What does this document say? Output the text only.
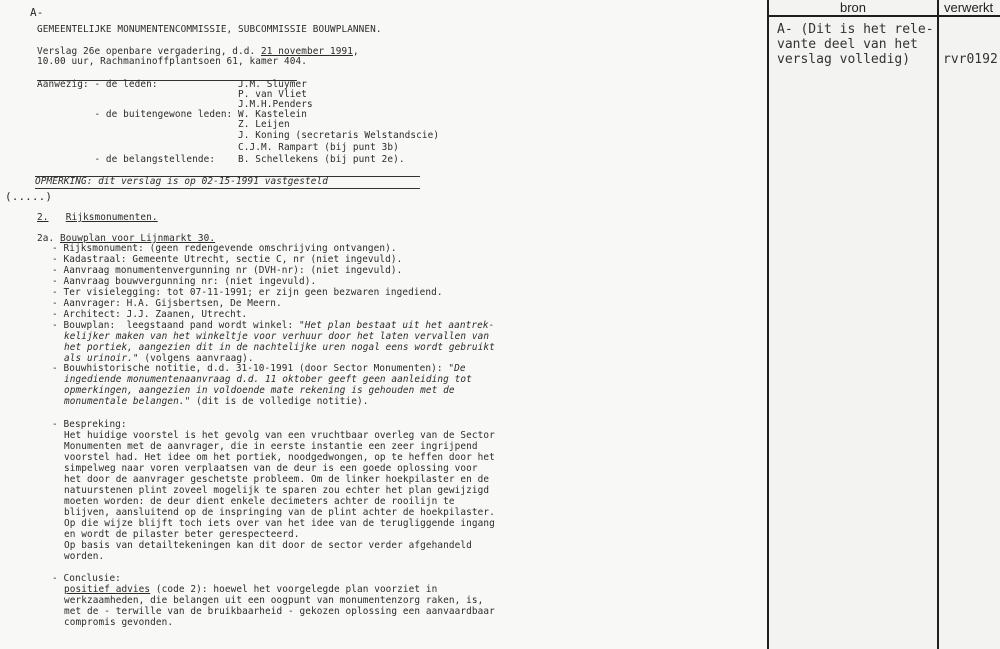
A-
GEMEENTELIJKE MONUMENTENCOMMISSIE, SUBCOMMISSIE BOUWPLANNEN.
Verslag 26e openbare vergadering, d.d. 21 november 1991,
10.00 uur, Rachmaninoffplantsoen 61, kamer 404.
Aanwezig: - de leden:              J.M. Sluymer
P. van Vliet
J.M.H.Penders
- de buitengewone leden: W. Kastelein
Z. Leijen
J. Koning (secretaris Welstandscie)
C.J.M. Rampart (bij punt 3b)
- de belangstellende:    B. Schellekens (bij punt 2e).
OPMERKING: dit verslag is op 02-15-1991 vastgesteld
(.....)
2. Rijksmonumenten.
2a. Bouwplan voor Lijnmarkt 30.
- Rijksmonument: (geen redengevende omschrijving ontvangen).
- Kadastraal: Gemeente Utrecht, sectie C, nr (niet ingevuld).
- Aanvraag monumentenvergunning nr (DVH-nr): (niet ingevuld).
- Aanvraag bouwvergunning nr: (niet ingevuld).
- Ter visielegging: tot 07-11-1991; er zijn geen bezwaren ingediend.
- Aanvrager: H.A. Gijsbertsen, De Meern.
- Architect: J.J. Zaanen, Utrecht.
- Bouwplan:  leegstaand pand wordt winkel: "Het plan bestaat uit het aantrek-
kelijker maken van het winkeltje voor verhuur door het laten vervallen van
het portiek, aangezien dit in de nachtelijke uren nogal eens wordt gebruikt
als urinoir." (volgens aanvraag).
- Bouwhistorische notitie, d.d. 31-10-1991 (door Sector Monumenten): "De
ingediende monumentenaanvraag d.d. 11 oktober geeft geen aanleiding tot
opmerkingen, aangezien in voldoende mate rekening is gehouden met de
monumentale belangen." (dit is de volledige notitie).
- Bespreking:
Het huidige voorstel is het gevolg van een vruchtbaar overleg van de Sector
Monumenten met de aanvrager, die in eerste instantie een zeer ingrijpend
voorstel had. Het idee om het portiek, noodgedwongen, op te heffen door het
simpelweg naar voren verplaatsen van de deur is een goede oplossing voor
het door de aanvrager geschetste probleem. Om de linker hoekpilaster en de
natuurstenen plint zoveel mogelijk te sparen zou echter het plan gewijzigd
moeten worden: de deur dient enkele decimeters achter de rooilijn te
blijven, aansluitend op de inspringing van de plint achter de hoekpilaster.
Op die wijze blijft toch iets over van het idee van de terugliggende ingang
en wordt de pilaster beter gerespecteerd.
Op basis van detailtekeningen kan dit door de sector verder afgehandeld
worden.
- Conclusie:
positief advies (code 2): hoewel het voorgelegde plan voorziet in
werkzaamheden, die belangen uit een oogpunt van monumentenzorg raken, is,
met de - terwille van de bruikbaarheid - gekozen oplossing een aanvaardbaar
compromis gevonden.
bron	verwerkt
A- (Dit is het rele-
vante deel van het
verslag volledig)	rvr0192
